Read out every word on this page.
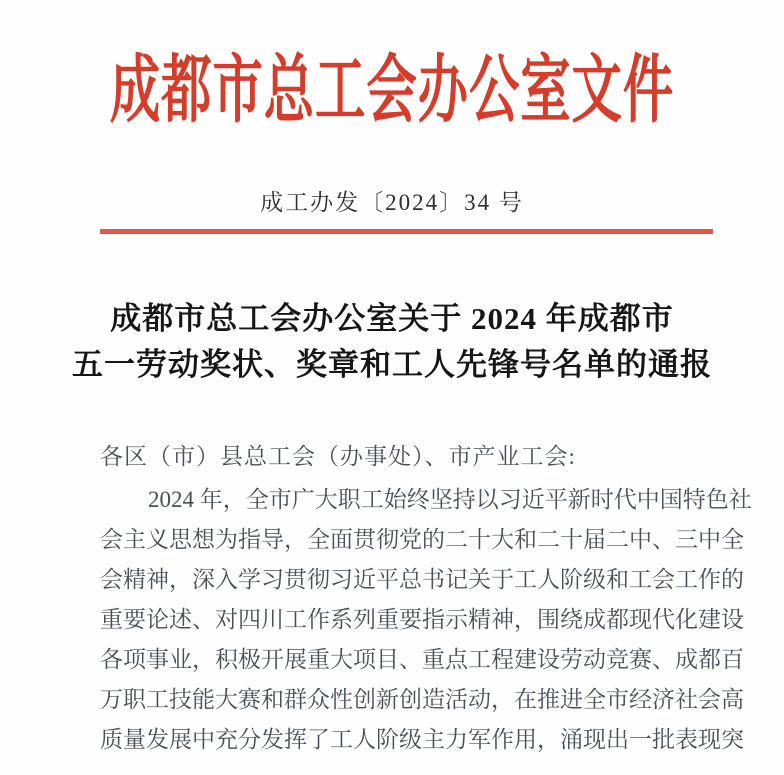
成都市总工会办公室文件
成工办发〔2024〕34 号
成都市总工会办公室关于 2024 年成都市
五一劳动奖状、奖章和工人先锋号名单的通报
各区（市）县总工会（办事处）、市产业工会:
2024 年，全市广大职工始终坚持以习近平新时代中国特色社
会主义思想为指导，全面贯彻党的二十大和二十届二中、三中全
会精神，深入学习贯彻习近平总书记关于工人阶级和工会工作的
重要论述、对四川工作系列重要指示精神，围绕成都现代化建设
各项事业，积极开展重大项目、重点工程建设劳动竞赛、成都百
万职工技能大赛和群众性创新创造活动，在推进全市经济社会高
质量发展中充分发挥了工人阶级主力军作用，涌现出一批表现突
